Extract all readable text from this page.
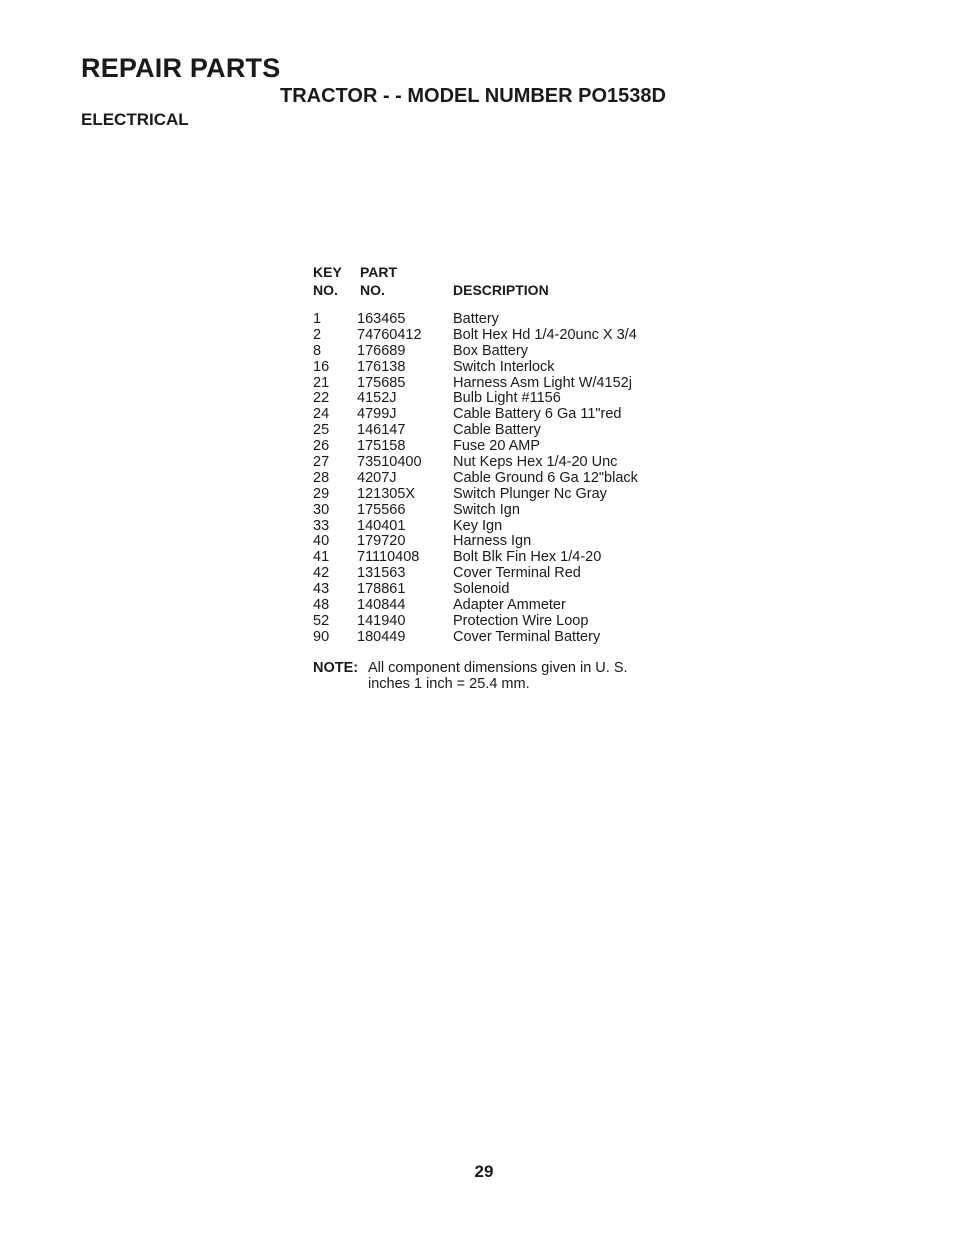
REPAIR PARTS
TRACTOR - - MODEL NUMBER PO1538D
ELECTRICAL
KEY
NO.
PART
NO.	DESCRIPTION
1 163465	Battery
2 74760412 Bolt Hex Hd 1/4-20unc X 3/4
8 176689	Box Battery
16 176138	Switch Interlock
21 175685	Harness Asm Light W/4152j
22 4152J	Bulb Light #1156
24 4799J	Cable Battery 6 Ga 11"red
25 146147	Cable Battery
26 175158	Fuse 20 AMP
27 73510400 Nut Keps Hex 1/4-20 Unc
28 4207J	Cable Ground 6 Ga 12"black
29 121305X	Switch Plunger Nc Gray
30 175566	Switch Ign
33 140401	Key Ign
40 179720	Harness Ign
41 71110408 Bolt Blk Fin Hex 1/4-20
42 131563	Cover Terminal Red
43 178861	Solenoid
48 140844	Adapter Ammeter
52 141940	Protection Wire Loop
90 180449	Cover Terminal Battery
NOTE: All component dimensions given in U. S. inches 1 inch = 25.4 mm.
29
